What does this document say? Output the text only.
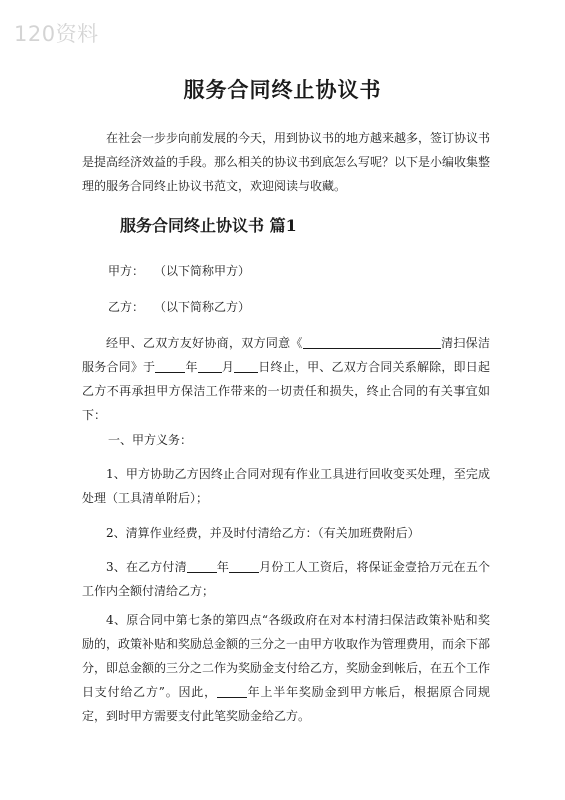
120资料
服务合同终止协议书

在社会一步步向前发展的今天，用到协议书的地方越来越多，签订协议书是提高经济效益的手段。那么相关的协议书到底怎么写呢？以下是小编收集整理的服务合同终止协议书范文，欢迎阅读与收藏。

服务合同终止协议书 篇1

甲方： （以下简称甲方）

乙方： （以下简称乙方）

经甲、乙双方友好协商，双方同意《	清扫保洁服务合同》于	年 月 日终止，甲、乙双方合同关系解除，即日起乙方不再承担甲方保洁工作带来的一切责任和损失，终止合同的有关事宜如下：

一、甲方义务：

1、甲方协助乙方因终止合同对现有作业工具进行回收变买处理，至完成处理（工具清单附后）；

2、清算作业经费，并及时付清给乙方：（有关加班费附后）

3、在乙方付清	年	月份工人工资后，将保证金壹拾万元在五个工作内全额付清给乙方；

4、原合同中第七条的第四点“各级政府在对本村清扫保洁政策补贴和奖励的，政策补贴和奖励总金额的三分之一由甲方收取作为管理费用，而余下部分，即总金额的三分之二作为奖励金支付给乙方，奖励金到帐后，在五个工作日支付给乙方”。因此，	年上半年奖励金到甲方帐后，根据原合同规定，到时甲方需要支付此笔奖励金给乙方。
